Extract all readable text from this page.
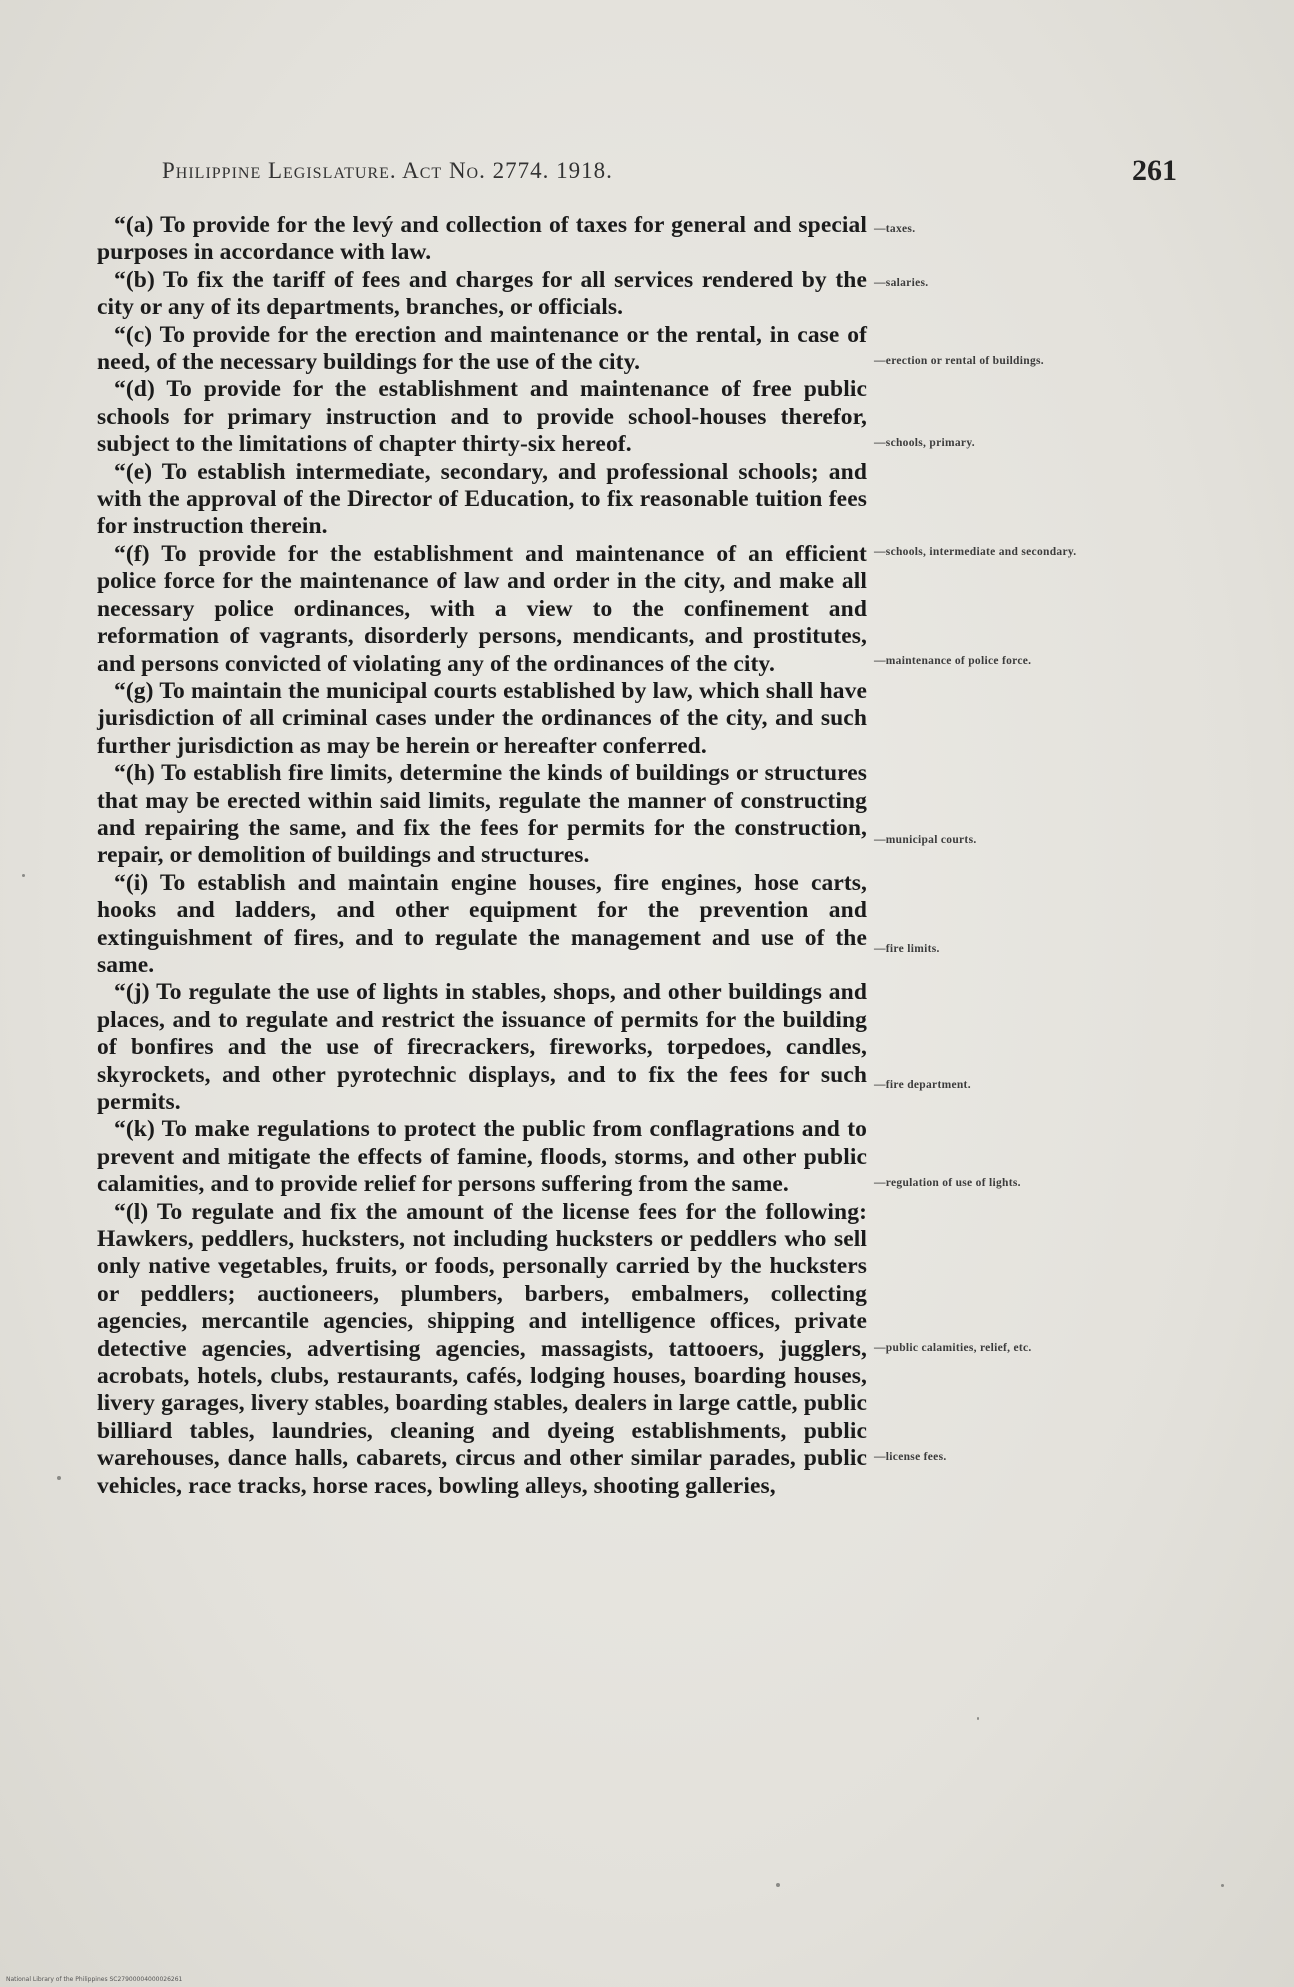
Philippine Legislature. Act No. 2774. 1918.	261

“(a) To provide for the levý and collection of taxes for general and special purposes in accordance with law.

“(b) To fix the tariff of fees and charges for all services rendered by the city or any of its departments, branches, or officials.

“(c) To provide for the erection and maintenance or the rental, in case of need, of the necessary buildings for the use of the city.

“(d) To provide for the establishment and maintenance of free public schools for primary instruction and to provide school-houses therefor, subject to the limitations of chapter thirty-six hereof.

“(e) To establish intermediate, secondary, and professional schools; and with the approval of the Director of Education, to fix reasonable tuition fees for instruction therein.

“(f) To provide for the establishment and maintenance of an efficient police force for the maintenance of law and order in the city, and make all necessary police ordinances, with a view to the confinement and reformation of vagrants, disorderly persons, mendicants, and prostitutes, and persons convicted of violating any of the ordinances of the city.

“(g) To maintain the municipal courts established by law, which shall have jurisdiction of all criminal cases under the ordinances of the city, and such further jurisdiction as may be herein or hereafter conferred.

“(h) To establish fire limits, determine the kinds of buildings or structures that may be erected within said limits, regulate the manner of constructing and repairing the same, and fix the fees for permits for the construction, repair, or demolition of buildings and structures.

“(i) To establish and maintain engine houses, fire engines, hose carts, hooks and ladders, and other equipment for the prevention and extinguishment of fires, and to regulate the management and use of the same.

“(j) To regulate the use of lights in stables, shops, and other buildings and places, and to regulate and restrict the issuance of permits for the building of bonfires and the use of firecrackers, fireworks, torpedoes, candles, skyrockets, and other pyrotechnic displays, and to fix the fees for such permits.

“(k) To make regulations to protect the public from conflagrations and to prevent and mitigate the effects of famine, floods, storms, and other public calamities, and to provide relief for persons suffering from the same.

“(l) To regulate and fix the amount of the license fees for the following: Hawkers, peddlers, hucksters, not including hucksters or peddlers who sell only native vegetables, fruits, or foods, personally carried by the hucksters or peddlers; auctioneers, plumbers, barbers, embalmers, collecting agencies, mercantile agencies, shipping and intelligence offices, private detective agencies, advertising agencies, massagists, tattooers, jugglers, acrobats, hotels, clubs, restaurants, cafés, lodging houses, boarding houses, livery garages, livery stables, boarding stables, dealers in large cattle, public billiard tables, laundries, cleaning and dyeing establishments, public warehouses, dance halls, cabarets, circus and other similar parades, public vehicles, race tracks, horse races, bowling alleys, shooting galleries,

—taxes.
—salaries.
—erection or rental of buildings.
—schools, primary.
—schools, intermediate and secondary.
—maintenance of police force.
—municipal courts.
—fire limits.
—fire department.
—regulation of use of lights.
—public calamities, relief, etc.
—license fees.
National Library of the Philippines SC27900004000026261
